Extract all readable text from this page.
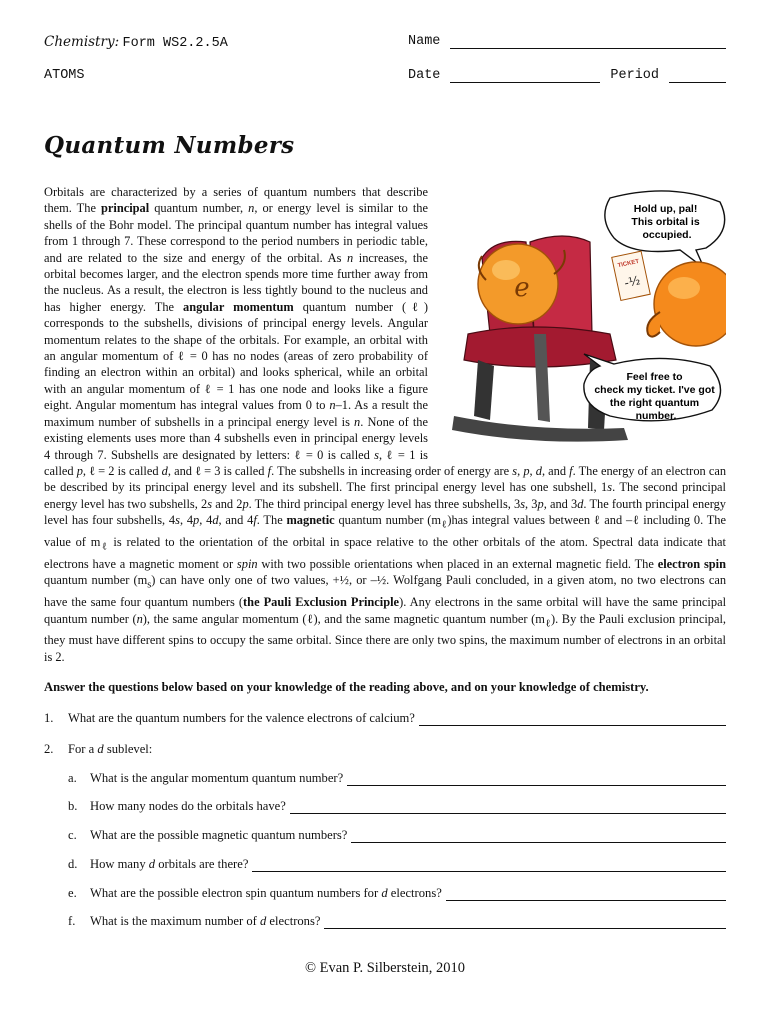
Chemistry: Form WS2.2.5A
ATOMS
Name
Date	Period
Quantum Numbers
Hold up, pal! This orbital is occupied.
e
TICKET
-½
Feel free to check my ticket. I've got the right quantum number.

Orbitals are characterized by a series of quantum numbers that describe them. The principal quantum number, n, or energy level is similar to the shells of the Bohr model. The principal quantum number has integral values from 1 through 7. These correspond to the period numbers in periodic table, and are related to the size and energy of the orbital. As n increases, the orbital becomes larger, and the electron spends more time further away from the nucleus. As a result, the electron is less tightly bound to the nucleus and has higher energy. The angular momentum quantum number (ℓ) corresponds to the subshells, divisions of principal energy levels. Angular momentum relates to the shape of the orbitals. For example, an orbital with an angular momentum of ℓ = 0 has no nodes (areas of zero probability of finding an electron within an orbital) and looks spherical, while an orbital with an angular momentum of ℓ = 1 has one node and looks like a figure eight. Angular momentum has integral values from 0 to n–1. As a result the maximum number of subshells in a principal energy level is n. None of the existing elements uses more than 4 subshells even in principal energy levels 4 through 7. Subshells are designated by letters: ℓ = 0 is called s, ℓ = 1 is called p, ℓ = 2 is called d, and ℓ = 3 is called f. The subshells in increasing order of energy are s, p, d, and f. The energy of an electron can be described by its principal energy level and its subshell. The first principal energy level has one subshell, 1s. The second principal energy level has two subshells, 2s and 2p. The third principal energy level has three subshells, 3s, 3p, and 3d. The fourth principal energy level has four subshells, 4s, 4p, 4d, and 4f. The magnetic quantum number $(m_\ell)has$ integral values between ℓ and –ℓ including 0. The value of $m_\ell$ is related to the orientation of the orbital in space relative to the other orbitals of the atom. Spectral data indicate that electrons have a magnetic moment or spin with two possible orientations when placed in an external magnetic field. The electron spin quantum number $(m_s)$ can have only one of two values, +½, or –½. Wolfgang Pauli concluded, in a given atom, no two electrons can have the same four quantum numbers (the Pauli Exclusion Principle). Any electrons in the same orbital will have the same principal quantum number (n), the same angular momentum (ℓ), and the same magnetic quantum number $(m_\ell)$. By the Pauli exclusion principal, they must have different spins to occupy the same orbital. Since there are only two spins, the maximum number of electrons in an orbital is 2.

Answer the questions below based on your knowledge of the reading above, and on your knowledge of chemistry.
1.	What are the quantum numbers for the valence electrons of calcium?
2.	For a d sublevel:
a.	What is the angular momentum quantum number?
b. How many nodes do the orbitals have?
c.	What are the possible magnetic quantum numbers?
d. How many d orbitals are there?
e.	What are the possible electron spin quantum numbers for d electrons?
f.	What is the maximum number of d electrons?
© Evan P. Silberstein, 2010
